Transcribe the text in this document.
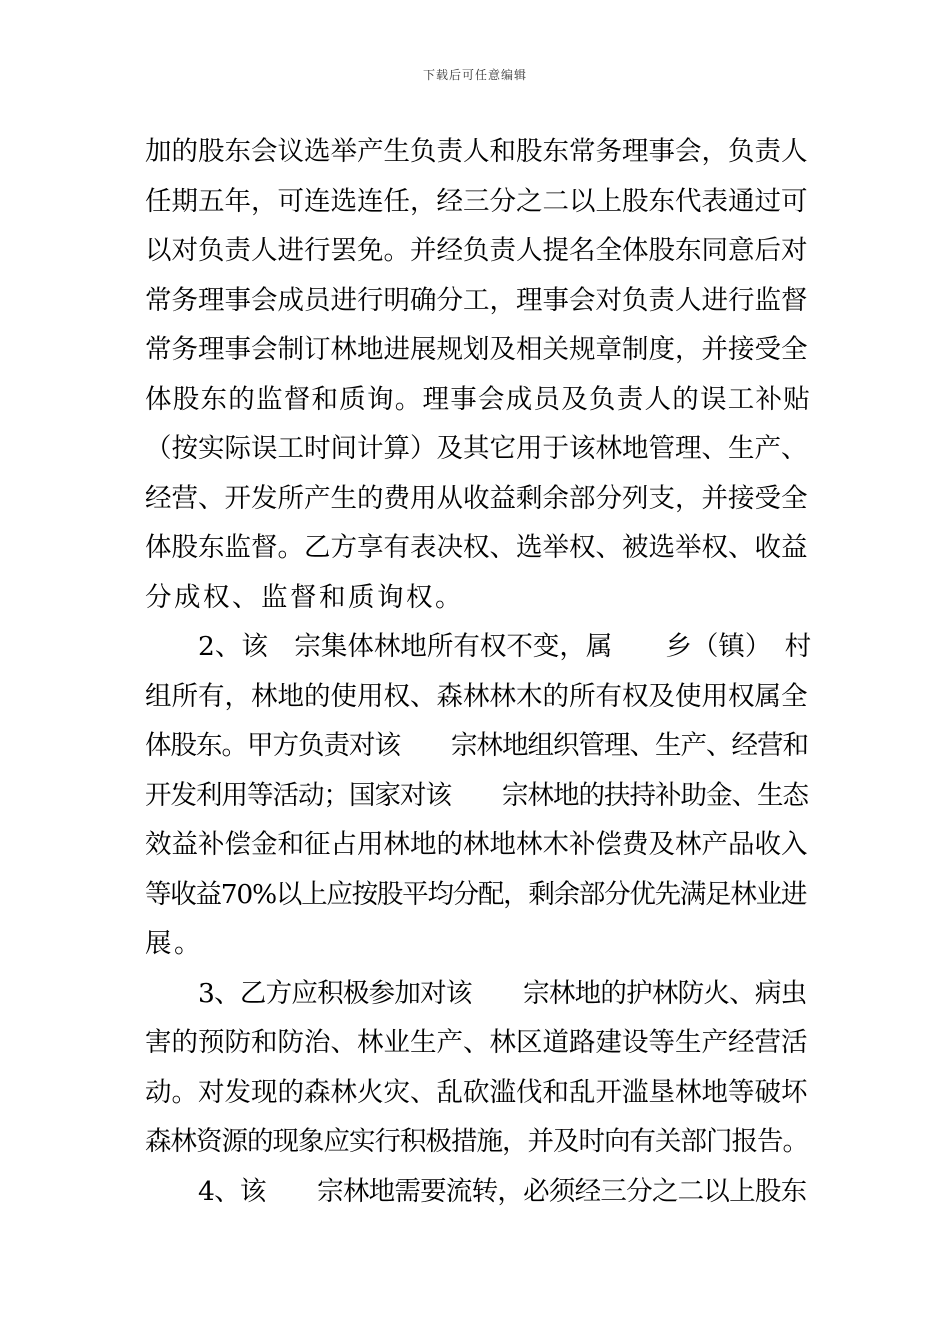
下载后可任意编辑
加的股东会议选举产生负责人和股东常务理事会，负责人
任期五年，可连选连任，经三分之二以上股东代表通过可
以对负责人进行罢免。并经负责人提名全体股东同意后对
常务理事会成员进行明确分工，理事会对负责人进行监督
常务理事会制订林地进展规划及相关规章制度，并接受全
体股东的监督和质询。理事会成员及负责人的误工补贴
（按实际误工时间计算）及其它用于该林地管理、生产、
经营、开发所产生的费用从收益剩余部分列支，并接受全
体股东监督。乙方享有表决权、选举权、被选举权、收益
分成权、监督和质询权。
2、该　宗集体林地所有权不变，属　　乡（镇）　村
组所有，林地的使用权、森林林木的所有权及使用权属全
体股东。甲方负责对该　　宗林地组织管理、生产、经营和
开发利用等活动；国家对该　　宗林地的扶持补助金、生态
效益补偿金和征占用林地的林地林木补偿费及林产品收入
等收益70%以上应按股平均分配，剩余部分优先满足林业进
展。
3、乙方应积极参加对该　　宗林地的护林防火、病虫
害的预防和防治、林业生产、林区道路建设等生产经营活
动。对发现的森林火灾、乱砍滥伐和乱开滥垦林地等破坏
森林资源的现象应实行积极措施，并及时向有关部门报告。
4、该　　宗林地需要流转，必须经三分之二以上股东
